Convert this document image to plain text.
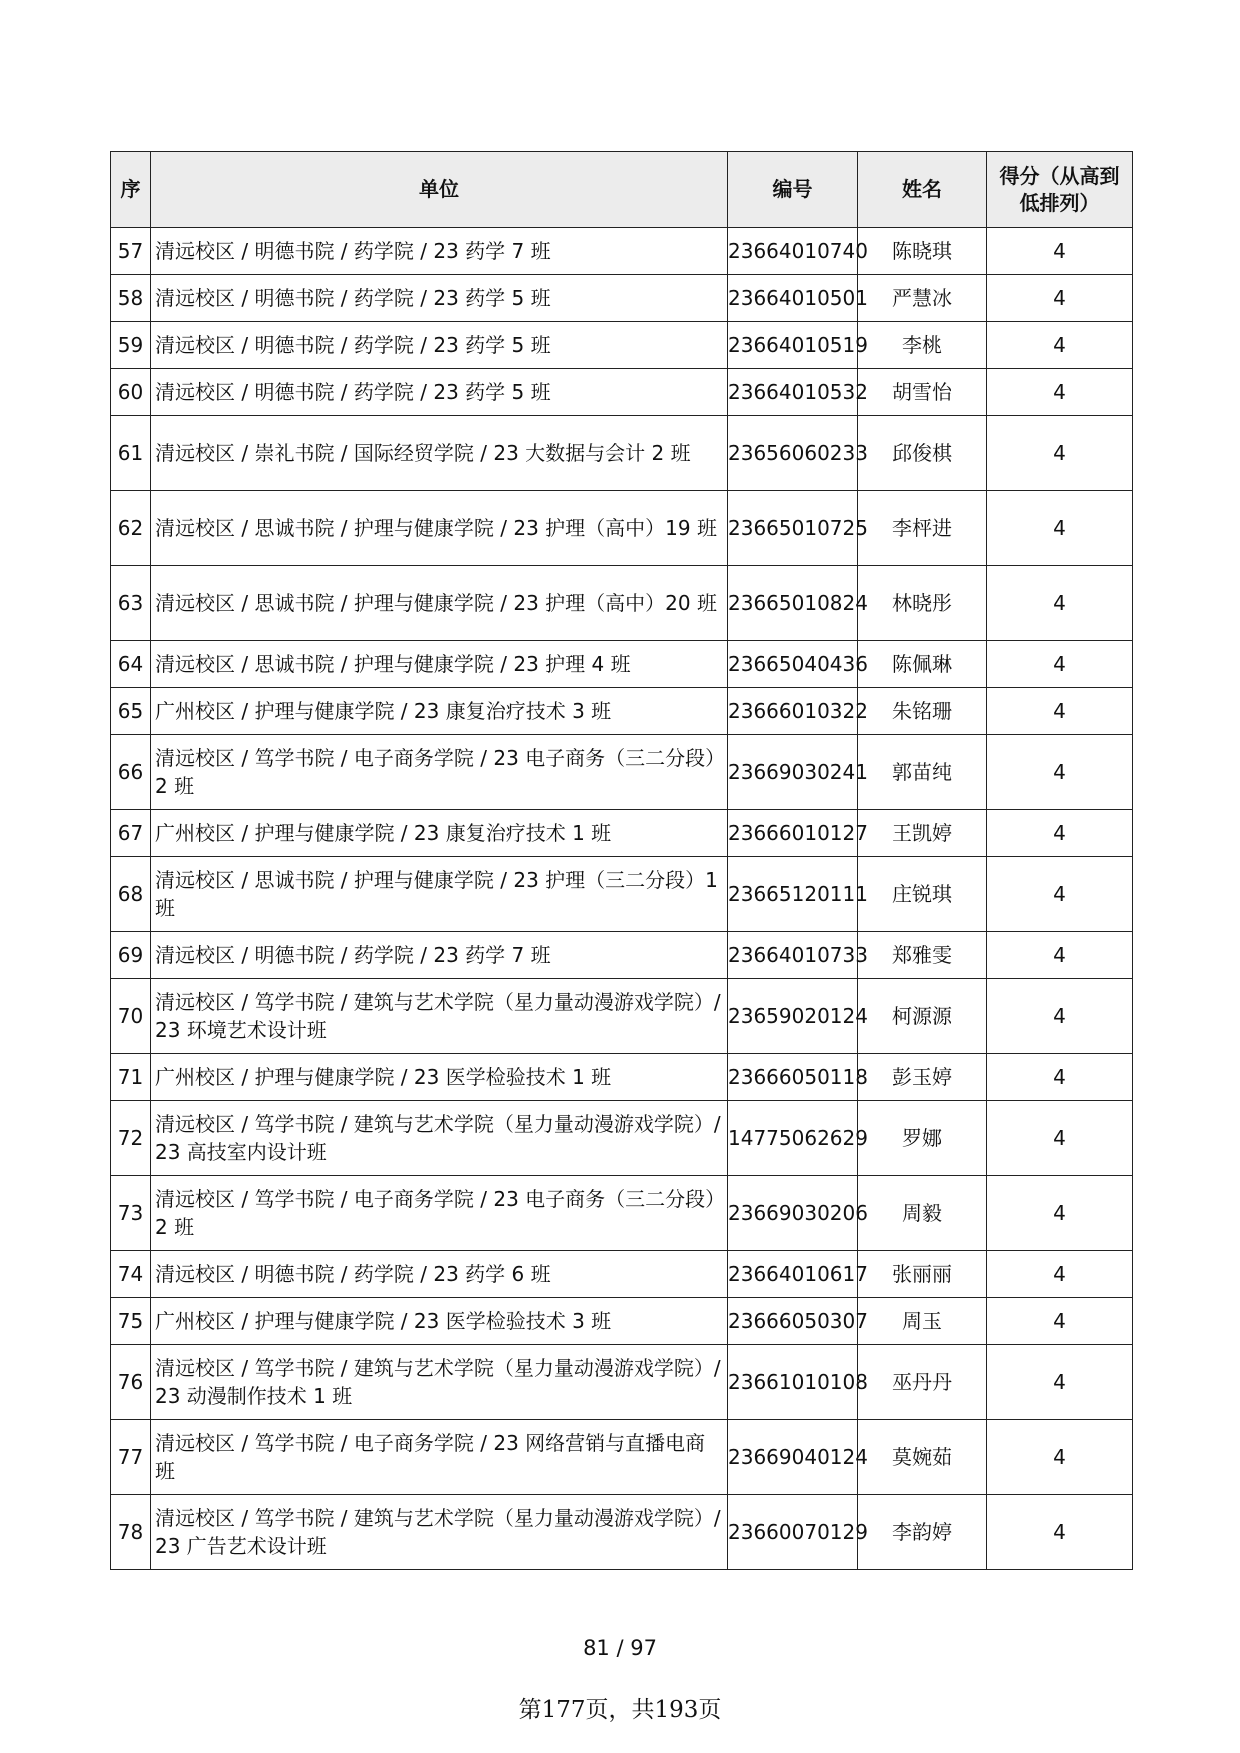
序	单位	编号	姓名	得分（从高到低排列）
57	清远校区 / 明德书院 / 药学院 / 23 药学 7 班	23664010740	陈晓琪	4
58	清远校区 / 明德书院 / 药学院 / 23 药学 5 班	23664010501	严慧冰	4
59	清远校区 / 明德书院 / 药学院 / 23 药学 5 班	23664010519	李桃	4
60	清远校区 / 明德书院 / 药学院 / 23 药学 5 班	23664010532	胡雪怡	4
61	清远校区 / 崇礼书院 / 国际经贸学院 / 23 大数据与会计 2 班	23656060233	邱俊棋	4
62	清远校区 / 思诚书院 / 护理与健康学院 / 23 护理（高中）19 班	23665010725	李枰进	4
63	清远校区 / 思诚书院 / 护理与健康学院 / 23 护理（高中）20 班	23665010824	林晓彤	4
64	清远校区 / 思诚书院 / 护理与健康学院 / 23 护理 4 班	23665040436	陈佩琳	4
65	广州校区 / 护理与健康学院 / 23 康复治疗技术 3 班	23666010322	朱铭珊	4
66	清远校区 / 笃学书院 / 电子商务学院 / 23 电子商务（三二分段）2 班	23669030241	郭苗纯	4
67	广州校区 / 护理与健康学院 / 23 康复治疗技术 1 班	23666010127	王凯婷	4
68	清远校区 / 思诚书院 / 护理与健康学院 / 23 护理（三二分段）1 班	23665120111	庄锐琪	4
69	清远校区 / 明德书院 / 药学院 / 23 药学 7 班	23664010733	郑雅雯	4
70	清远校区 / 笃学书院 / 建筑与艺术学院（星力量动漫游戏学院）/ 23 环境艺术设计班	23659020124	柯源源	4
71	广州校区 / 护理与健康学院 / 23 医学检验技术 1 班	23666050118	彭玉婷	4
72	清远校区 / 笃学书院 / 建筑与艺术学院（星力量动漫游戏学院）/ 23 高技室内设计班	14775062629	罗娜	4
73	清远校区 / 笃学书院 / 电子商务学院 / 23 电子商务（三二分段）2 班	23669030206	周毅	4
74	清远校区 / 明德书院 / 药学院 / 23 药学 6 班	23664010617	张丽丽	4
75	广州校区 / 护理与健康学院 / 23 医学检验技术 3 班	23666050307	周玉	4
76	清远校区 / 笃学书院 / 建筑与艺术学院（星力量动漫游戏学院）/ 23 动漫制作技术 1 班	23661010108	巫丹丹	4
77	清远校区 / 笃学书院 / 电子商务学院 / 23 网络营销与直播电商班	23669040124	莫婉茹	4
78	清远校区 / 笃学书院 / 建筑与艺术学院（星力量动漫游戏学院）/ 23 广告艺术设计班	23660070129	李韵婷	4
81 / 97
第177页，共193页
